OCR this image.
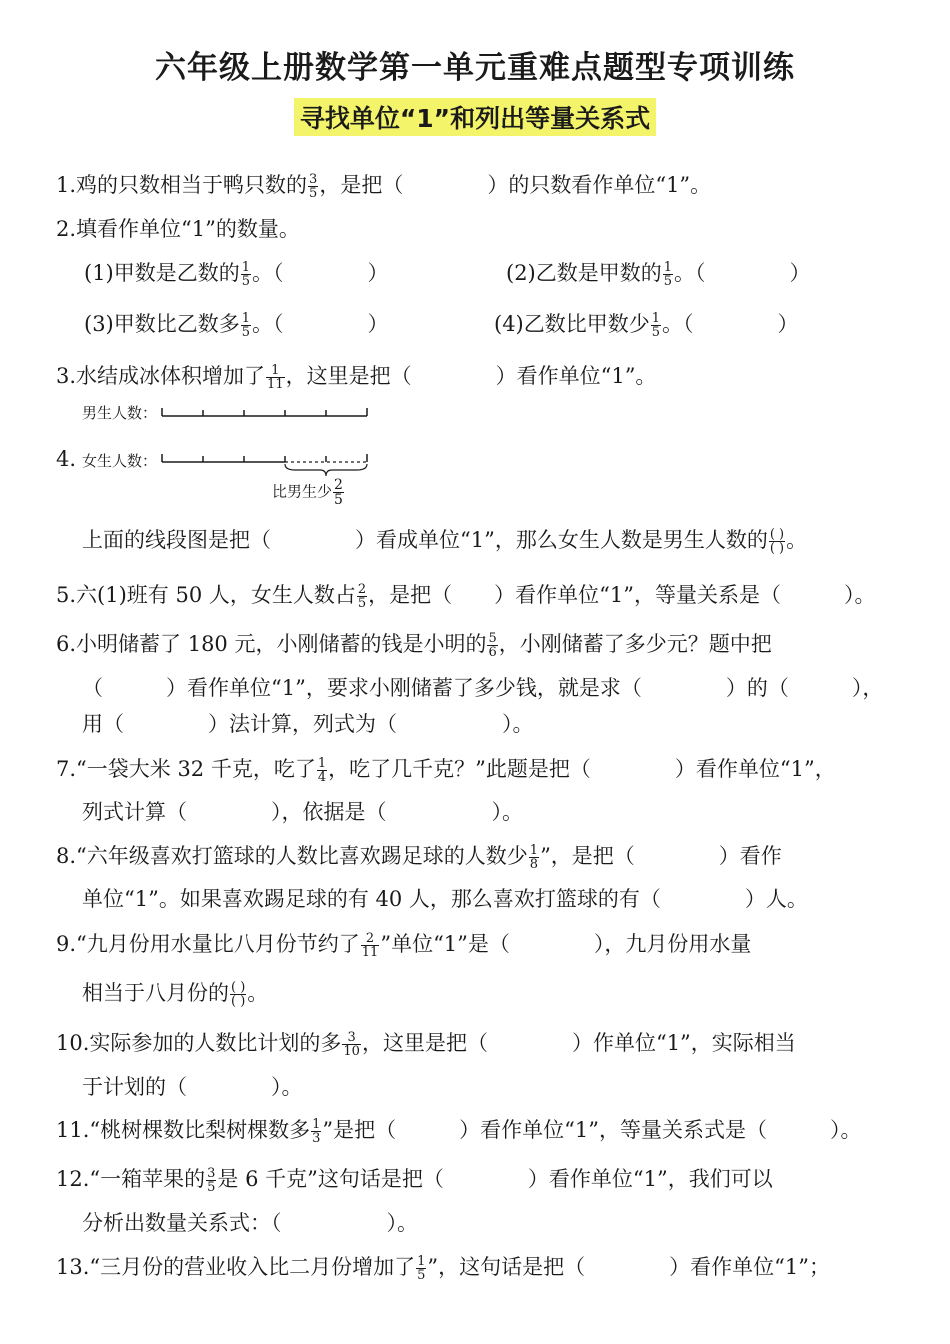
六年级上册数学第一单元重难点题型专项训练
寻找单位“1”和列出等量关系式
1.鸡的只数相当于鸭只数的 $\frac{3}{5}$ ，是把（　　　　）的只数看作单位“1”。
2.填看作单位“1”的数量。
(1)甲数是乙数的 $\frac{1}{5}$ 。（　　　　）	(2)乙数是甲数的 $\frac{1}{5}$ 。（　　　　）
(3)甲数比乙数多 $\frac{1}{5}$ 。（　　　　）	(4)乙数比甲数少 $\frac{1}{5}$ 。（　　　　）
3.水结成冰体积增加了 $\frac{1}{11}$ ，这里是把（　　　　）看作单位“1”。
男生人数：
4. 女生人数：
比男生少 $\frac{2}{5}$
上面的线段图是把（　　　　）看成单位“1”，那么女生人数是男生人数的 $\frac{( )}{( )}$ 。
5.六(1)班有 50 人，女生人数占 $\frac{2}{5}$ ，是把（　　）看作单位“1”，等量关系是（　　　）。
6.小明储蓄了 180 元，小刚储蓄的钱是小明的 $\frac{5}{6}$ ，小刚储蓄了多少元？题中把
（　　　）看作单位“1”，要求小刚储蓄了多少钱，就是求（　　　　）的（　　　），
用（　　　　）法计算，列式为（　　　　　）。
7.“一袋大米 32 千克，吃了 $\frac{1}{4}$ ，吃了几千克？”此题是把（　　　　）看作单位“1”，
列式计算（　　　　），依据是（　　　　　）。
8.“六年级喜欢打篮球的人数比喜欢踢足球的人数少 $\frac{1}{8}$ ”，是把（　　　　）看作
单位“1”。如果喜欢踢足球的有 40 人，那么喜欢打篮球的有（　　　　）人。
9.“九月份用水量比八月份节约了 $\frac{2}{11}$ ”单位“1”是（　　　　），九月份用水量
相当于八月份的 $\frac{( )}{( )}$ 。
10.实际参加的人数比计划的多 $\frac{3}{10}$ ，这里是把（　　　　）作单位“1”，实际相当
于计划的（　　　　）。
11.“桃树棵数比梨树棵数多 $\frac{1}{3}$ ”是把（　　　）看作单位“1”，等量关系式是（　　　）。
12.“一箱苹果的 $\frac{3}{5}$ 是 6 千克”这句话是把（　　　　）看作单位“1”，我们可以
分析出数量关系式：（　　　　　）。
13.“三月份的营业收入比二月份增加了 $\frac{1}{5}$ ”，这句话是把（　　　　）看作单位“1”；
